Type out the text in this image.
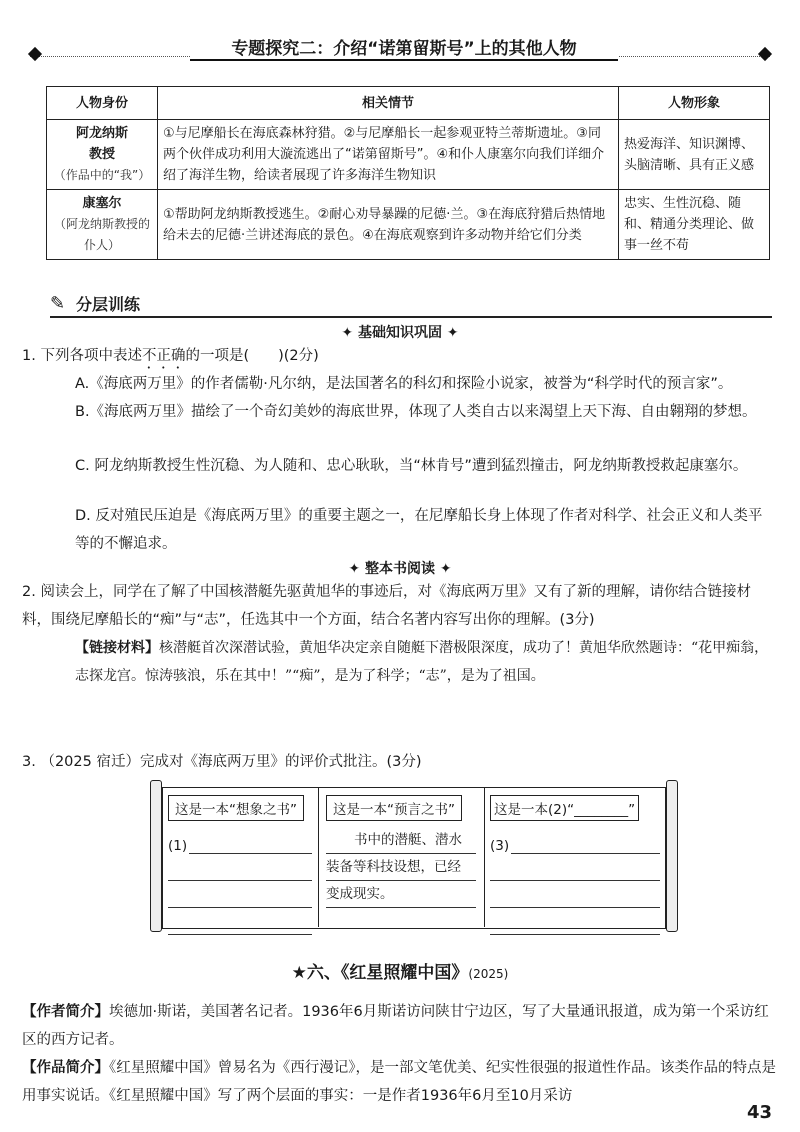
专题探究二：介绍“诺第留斯号”上的其他人物
人物身份	相关情节	人物形象

阿龙纳斯
教授
（作品中的“我”）	①与尼摩船长在海底森林狩猎。②与尼摩船长一起参观亚特兰蒂斯遗址。③同两个伙伴成功利用大漩流逃出了“诺第留斯号”。④和仆人康塞尔向我们详细介绍了海洋生物，给读者展现了许多海洋生物知识	热爱海洋、知识渊博、头脑清晰、具有正义感

康塞尔
（阿龙纳斯教授的仆人）	①帮助阿龙纳斯教授逃生。②耐心劝导暴躁的尼德·兰。③在海底狩猎后热情地给未去的尼德·兰讲述海底的景色。④在海底观察到许多动物并给它们分类	忠实、生性沉稳、随和、精通分类理论、做事一丝不苟
✎ 分层训练
✦ 基础知识巩固 ✦
1. 下列各项中表述不正确的一项是(　　)(2分)
A.《海底两万里》的作者儒勒·凡尔纳，是法国著名的科幻和探险小说家，被誉为“科学时代的预言家”。
B.《海底两万里》描绘了一个奇幻美妙的海底世界，体现了人类自古以来渴望上天下海、自由翱翔的梦想。
C. 阿龙纳斯教授生性沉稳、为人随和、忠心耿耿，当“林肯号”遭到猛烈撞击，阿龙纳斯教授救起康塞尔。
D. 反对殖民压迫是《海底两万里》的重要主题之一，在尼摩船长身上体现了作者对科学、社会正义和人类平等的不懈追求。
✦ 整本书阅读 ✦
2. 阅读会上，同学在了解了中国核潜艇先驱黄旭华的事迹后，对《海底两万里》又有了新的理解，请你结合链接材料，围绕尼摩船长的“痴”与“志”，任选其中一个方面，结合名著内容写出你的理解。(3分)
【链接材料】核潜艇首次深潜试验，黄旭华决定亲自随艇下潜极限深度，成功了！黄旭华欣然题诗：“花甲痴翁，志探龙宫。惊涛骇浪，乐在其中！”“痴”，是为了科学；“志”，是为了祖国。
3. （2025 宿迁）完成对《海底两万里》的评价式批注。(3分)
这是一本“想象之书”
(1)
这是一本“预言之书”
书中的潜艇、潜水
装备等科技设想，已经
变成现实。
这是一本(2)“________”
(3)
★六、《红星照耀中国》(2025)
【作者简介】埃德加·斯诺，美国著名记者。1936年6月斯诺访问陕甘宁边区，写了大量通讯报道，成为第一个采访红区的西方记者。
【作品简介】《红星照耀中国》曾易名为《西行漫记》，是一部文笔优美、纪实性很强的报道性作品。该类作品的特点是用事实说话。《红星照耀中国》写了两个层面的事实：一是作者1936年6月至10月采访
43
